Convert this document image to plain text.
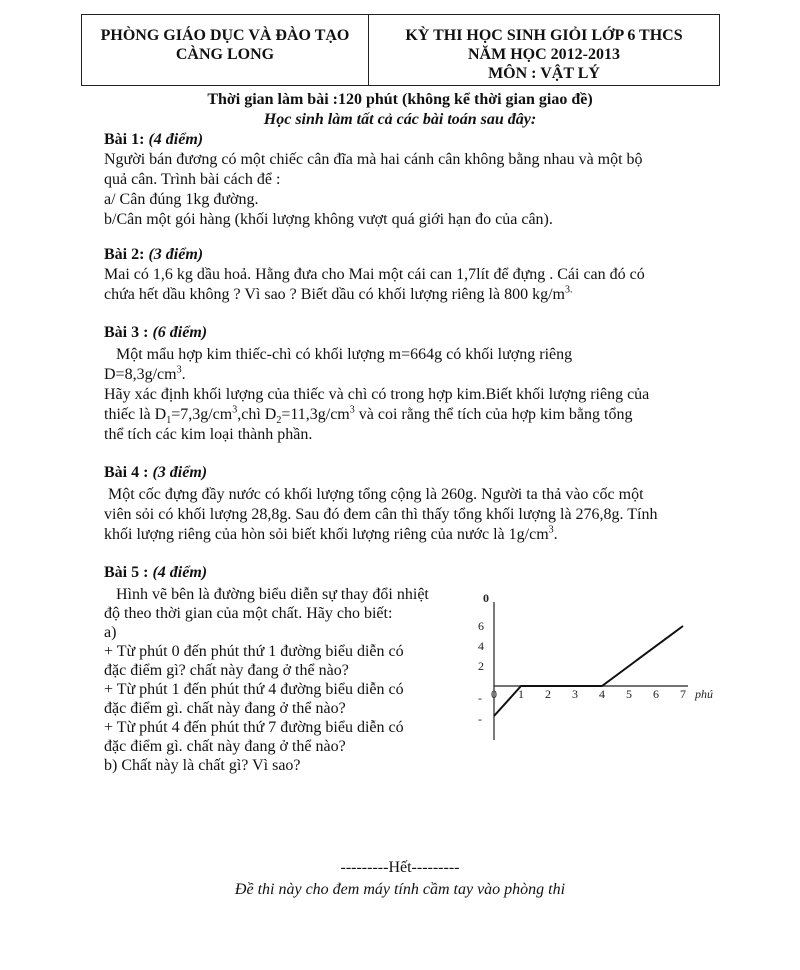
PHÒNG GIÁO DỤC VÀ ĐÀO TẠO
CÀNG LONG
KỲ THI HỌC SINH GIỎI LỚP 6 THCS
NĂM HỌC 2012-2013
MÔN : VẬT LÝ
Thời gian làm bài :120 phút (không kể thời gian giao đề)
Học sinh làm tất cả các bài toán sau đây:
Bài 1: (4 điểm)
Người bán đương có một chiếc cân đĩa mà hai cánh cân không bằng nhau và một bộ
quả cân. Trình bài cách để :
a/ Cân đúng 1kg đường.
b/Cân một gói hàng (khối lượng không vượt quá giới hạn đo của cân).
Bài 2: (3 điểm)
Mai có 1,6 kg dầu hoả. Hằng đưa cho Mai một cái can 1,7lít để đựng . Cái can đó có
chứa hết dầu không ? Vì sao ? Biết dầu có khối lượng riêng là 800 $kg/m^{3.}$
Bài 3 : (6 điểm)
Một mẩu hợp kim thiếc-chì có khối lượng m=664g có khối lượng riêng
$D=8,3g/cm^3$.
Hãy xác định khối lượng của thiếc và chì có trong hợp kim.Biết khối lượng riêng của
thiếc là $D_1=7,3g/cm^3,chì$ $D_2=11,3g/cm^3$ và coi rằng thể tích của hợp kim bằng tổng
thể tích các kim loại thành phần.
Bài 4 : (3 điểm)
Một cốc đựng đầy nước có khối lượng tổng cộng là 260g. Người ta thả vào cốc một
viên sỏi có khối lượng 28,8g. Sau đó đem cân thì thấy tổng khối lượng là 276,8g. Tính
khối lượng riêng của hòn sỏi biết khối lượng riêng của nước là $1g/cm^3$.
Bài 5 : (4 điểm)
Hình vẽ bên là đường biểu diễn sự thay đổi nhiệt
độ theo thời gian của một chất. Hãy cho biết:
a)
+ Từ phút 0 đến phút thứ 1 đường biểu diễn có
đặc điểm gì? chất này đang ở thể nào?
+ Từ phút 1 đến phút thứ 4 đường biểu diễn có
đặc điểm gì. chất này đang ở thể nào?
+ Từ phút 4 đến phút thứ 7 đường biểu diễn có
đặc điểm gì. chất này đang ở thể nào?
b) Chất này là chất gì? Vì sao?
0
0 1 2 3 4 5 6 7 phú
6
4
2
-
-
---------Hết---------
Đề thi này cho đem máy tính cầm tay vào phòng thi
